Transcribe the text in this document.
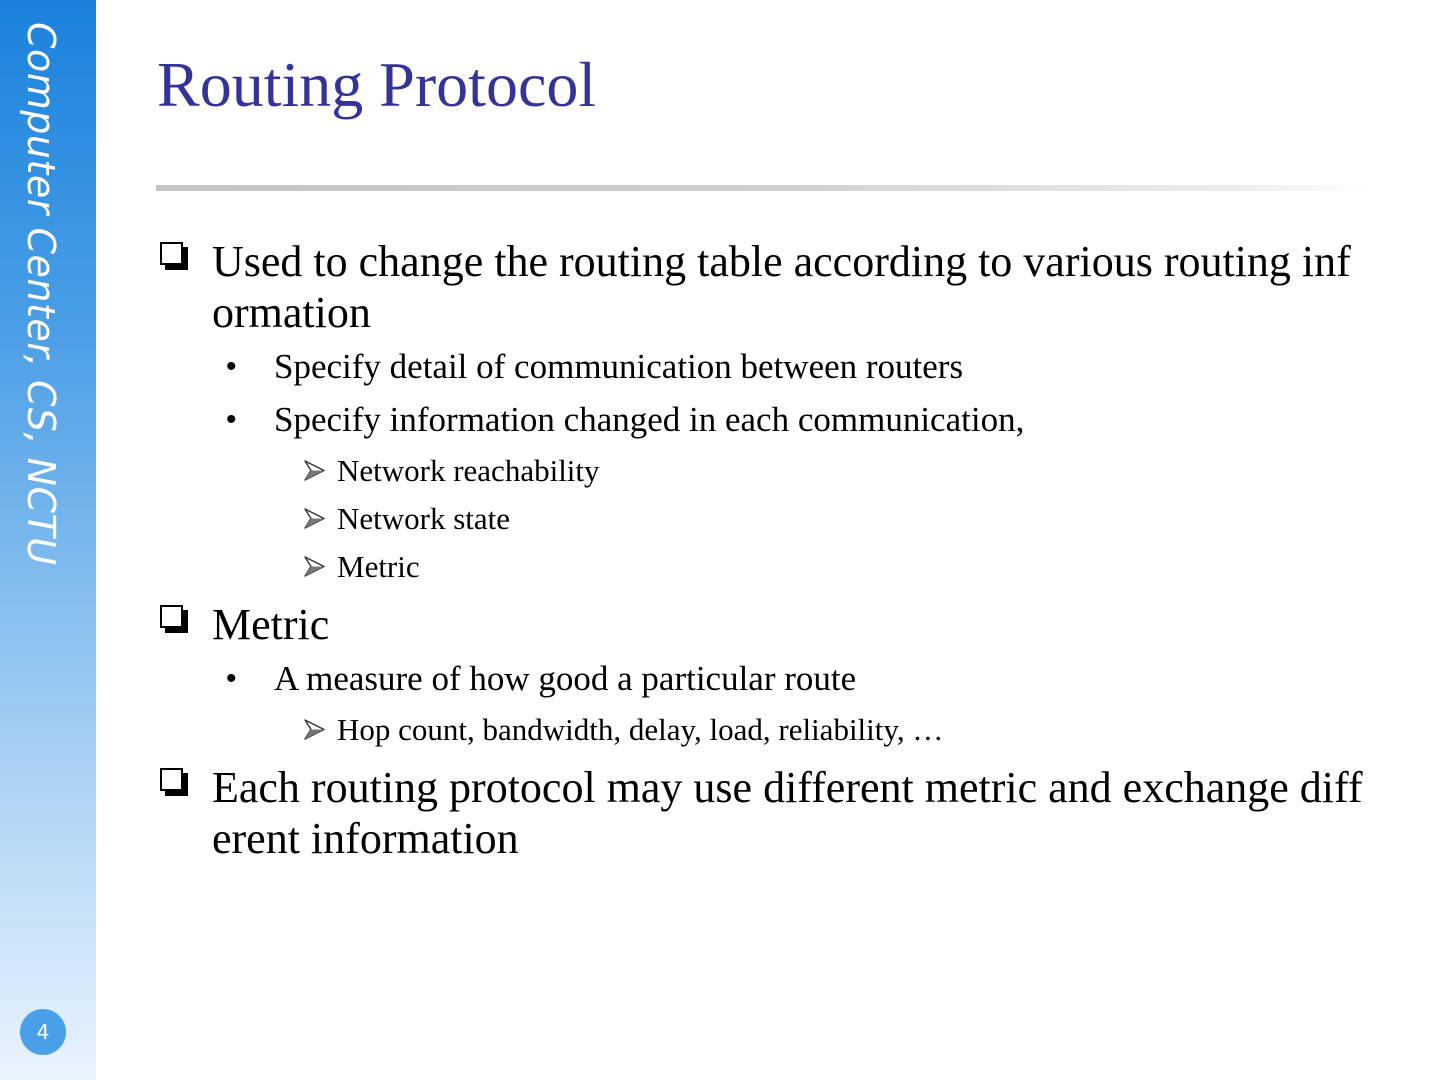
Computer Center, CS, NCTU
4
Routing Protocol
Used to change the routing table according to various routing information
• Specify detail of communication between routers
• Specify information changed in each communication,
Network reachability
Network state
Metric
Metric
• A measure of how good a particular route
Hop count, bandwidth, delay, load, reliability, …
Each routing protocol may use different metric and exchange different information
